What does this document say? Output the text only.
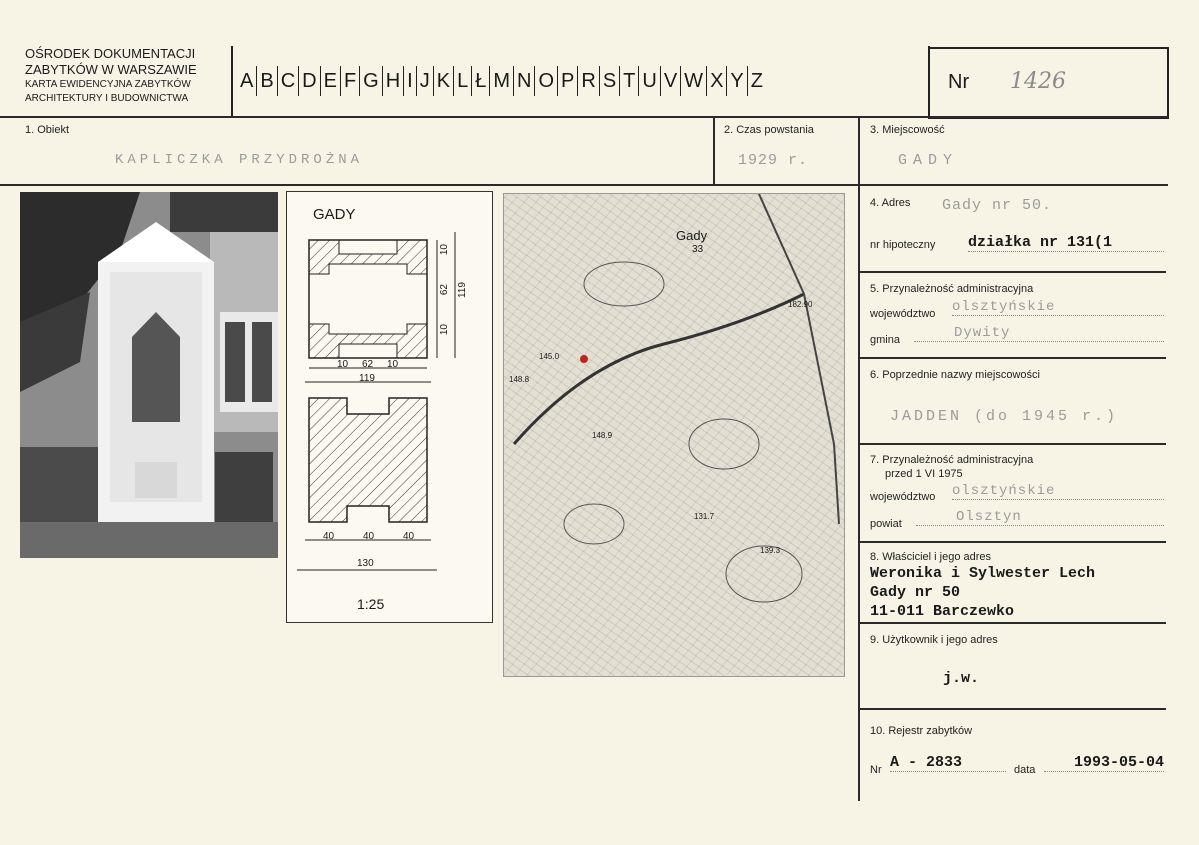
OŚRODEK DOKUMENTACJI
ZABYTKÓW W WARSZAWIE
KARTA EWIDENCYJNA ZABYTKÓW
ARCHITEKTURY I BUDOWNICTWA
A B C D E F G H I J K L Ł M N O P R S T U V W X Y Z	Nr 1426
1. Obiekt
KAPLICZKA PRZYDROŻNA
2. Czas powstania
1929 r.
3. Miejscowość
GADY
GADY
10
62
10
119
10 62 10
119
40	40	40
130
1:25
Gady
33
145.0
148.8
148.9
182.90
131.7
139.3
4. Adres Gady nr 50.
nr hipoteczny działka nr 131(1
5. Przynależność administracyjna
województwo olsztyńskie
gmina	Dywity
6. Poprzednie nazwy miejscowości
JADDEN (do 1945 r.)
7. Przynależność administracyjna
przed 1 VI 1975
województwo olsztyńskie
powiat	Olsztyn
8. Właściciel i jego adres
Weronika i Sylwester Lech
Gady nr 50
11-011 Barczewko
9. Użytkownik i jego adres
j.w.
10. Rejestr zabytków
Nr A - 2833	data	1993-05-04
